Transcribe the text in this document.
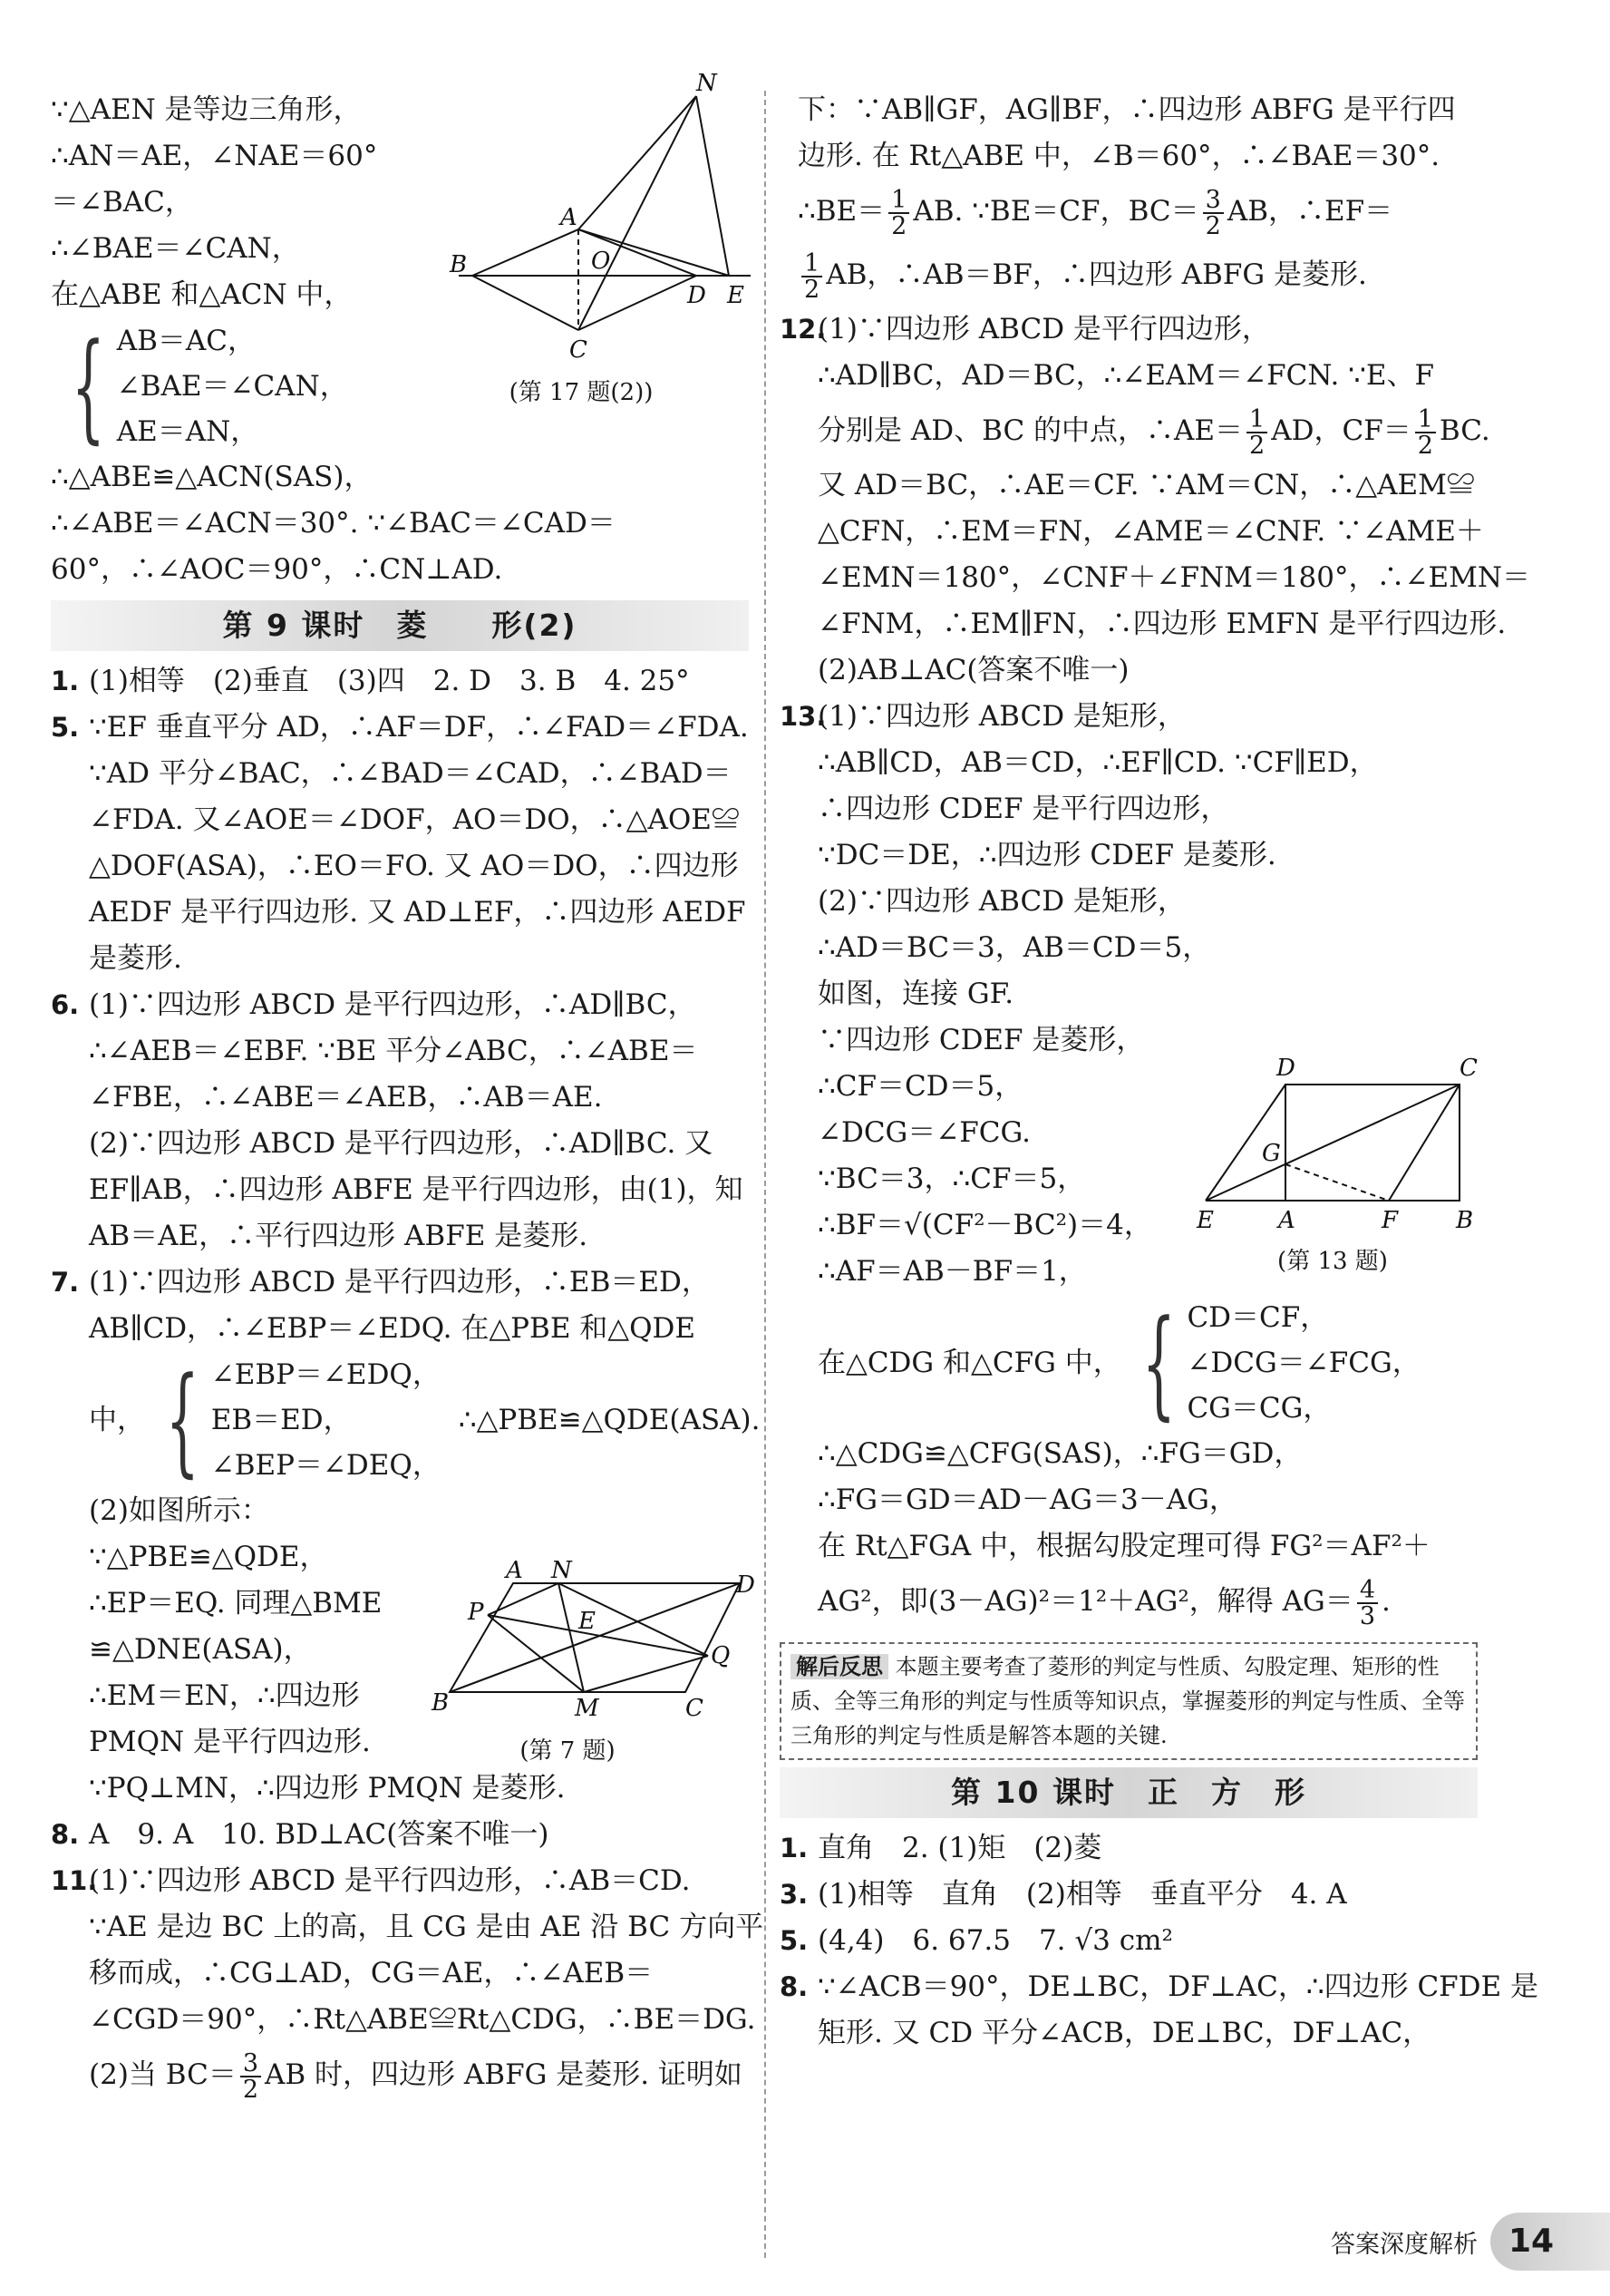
∵△AEN 是等边三角形，
∴AN＝AE，∠NAE＝60°
＝∠BAC，
∴∠BAE＝∠CAN，
在△ABE 和△ACN 中，
{ AB＝AC，
∠BAE＝∠CAN，
AE＝AN，
∴△ABE≌△ACN(SAS)，
∴∠ABE＝∠ACN＝30°. ∵∠BAC＝∠CAD＝
60°，∴∠AOC＝90°，∴CN⊥AD.
第 9 课时　菱　　形(2)
1. (1)相等　(2)垂直　(3)四　2. D　3. B　4. 25°
5. ∵EF 垂直平分 AD，∴AF＝DF，∴∠FAD＝∠FDA.
∵AD 平分∠BAC，∴∠BAD＝∠CAD，∴∠BAD＝
∠FDA. 又∠AOE＝∠DOF，AO＝DO，∴△AOE≌
△DOF(ASA)，∴EO＝FO. 又 AO＝DO，∴四边形
AEDF 是平行四边形. 又 AD⊥EF，∴四边形 AEDF
是菱形.
6. (1)∵四边形 ABCD 是平行四边形，∴AD∥BC，
∴∠AEB＝∠EBF. ∵BE 平分∠ABC，∴∠ABE＝
∠FBE，∴∠ABE＝∠AEB，∴AB＝AE.
(2)∵四边形 ABCD 是平行四边形，∴AD∥BC. 又
EF∥AB，∴四边形 ABFE 是平行四边形，由(1)，知
AB＝AE，∴平行四边形 ABFE 是菱形.
7. (1)∵四边形 ABCD 是平行四边形，∴EB＝ED，
AB∥CD，∴∠EBP＝∠EDQ. 在△PBE 和△QDE
中， { ∠EBP＝∠EDQ，
EB＝ED，
∠BEP＝∠DEQ，
∴△PBE≌△QDE(ASA).
(2)如图所示：
∵△PBE≌△QDE，
∴EP＝EQ. 同理△BME
≌△DNE(ASA)，
∴EM＝EN，∴四边形
PMQN 是平行四边形.
∵PQ⊥MN，∴四边形 PMQN 是菱形.
8. A　9. A　10. BD⊥AC(答案不唯一)
11.(1)∵四边形 ABCD 是平行四边形，∴AB＝CD.
∵AE 是边 BC 上的高，且 CG 是由 AE 沿 BC 方向平
移而成，∴CG⊥AD，CG＝AE，∴∠AEB＝
∠CGD＝90°，∴Rt△ABE≌Rt△CDG，∴BE＝DG.
(2)当 $BC= \frac{3}{2}$ AB 时，四边形 ABFG 是菱形. 证明如
N
A
O
B
D E
C
(第 17 题(2))
A N
D
P	E
Q
B	M	C
(第 7 题)
下：∵AB∥GF，AG∥BF，∴四边形 ABFG 是平行四
边形. 在 Rt△ABE 中，∠B＝60°，∴∠BAE＝30°.
∴BE＝ $\frac{1}{2}$ AB. ∵BE＝CF，$BC= \frac{3}{2}$ AB，∴EF＝
$\frac{1}{2}$ AB，∴AB＝BF，∴四边形 ABFG 是菱形.
12.(1)∵四边形 ABCD 是平行四边形，
∴AD∥BC，AD＝BC，∴∠EAM＝∠FCN. ∵E、F
分别是 AD、BC 的中点，∴AE＝ $\frac{1}{2}$ AD，$CF= \frac{1}{2}$ BC.
又 AD＝BC，∴AE＝CF. ∵AM＝CN，∴△AEM≌
△CFN，∴EM＝FN，∠AME＝∠CNF. ∵∠AME＋
∠EMN＝180°，∠CNF＋∠FNM＝180°，∴∠EMN＝
∠FNM，∴EM∥FN，∴四边形 EMFN 是平行四边形.
(2)AB⊥AC(答案不唯一)
13.(1)∵四边形 ABCD 是矩形，
∴AB∥CD，AB＝CD，∴EF∥CD. ∵CF∥ED，
∴四边形 CDEF 是平行四边形，
∵DC＝DE，∴四边形 CDEF 是菱形.
(2)∵四边形 ABCD 是矩形，
∴AD＝BC＝3，AB＝CD＝5，
如图，连接 GF.
∵四边形 CDEF 是菱形，
∴CF＝CD＝5，
∠DCG＝∠FCG.
∵BC＝3，∴CF＝5，
∴BF＝√(CF²－BC²)＝4，
∴AF＝AB－BF＝1，
在△CDG 和△CFG 中， { CD＝CF，
∠DCG＝∠FCG，
CG＝CG，
∴△CDG≌△CFG(SAS)，∴FG＝GD，
∴FG＝GD＝AD－AG＝3－AG，
在 Rt△FGA 中，根据勾股定理可得 FG²＝AF²＋
AG²，即(3－AG)²＝1²＋AG²，解得 $AG= \frac{4}{3}$ .
解后反思 本题主要考查了菱形的判定与性质、勾股定理、矩形的性质、全等三角形的判定与性质等知识点，掌握菱形的判定与性质、全等三角形的判定与性质是解答本题的关键.
第 10 课时　正　方　形
1. 直角　2. (1)矩　(2)菱
3. (1)相等　直角　(2)相等　垂直平分　4. A
5. (4,4)　6. 67.5　7. √3 cm²
8. ∵∠ACB＝90°，DE⊥BC，DF⊥AC，∴四边形 CFDE 是
矩形. 又 CD 平分∠ACB，DE⊥BC，DF⊥AC，
D	C
G
E	A	F B
(第 13 题)
答案深度解析 14
